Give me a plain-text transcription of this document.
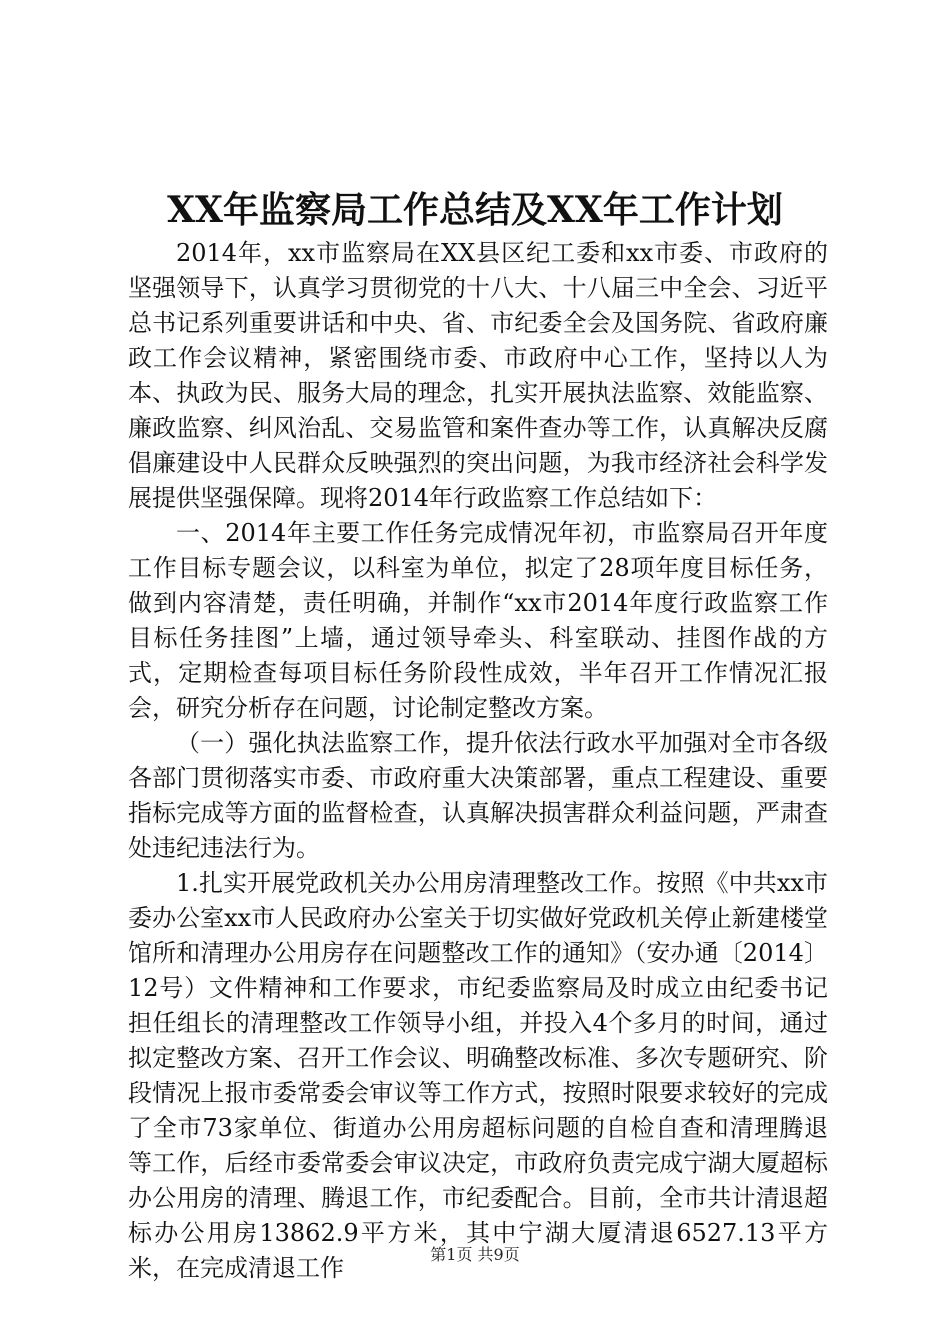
XX年监察局工作总结及XX年工作计划

2014年，xx市监察局在XX县区纪工委和xx市委、市政府的坚强领导下，认真学习贯彻党的十八大、十八届三中全会、习近平总书记系列重要讲话和中央、省、市纪委全会及国务院、省政府廉政工作会议精神，紧密围绕市委、市政府中心工作，坚持以人为本、执政为民、服务大局的理念，扎实开展执法监察、效能监察、廉政监察、纠风治乱、交易监管和案件查办等工作，认真解决反腐倡廉建设中人民群众反映强烈的突出问题，为我市经济社会科学发展提供坚强保障。现将2014年行政监察工作总结如下：

一、2014年主要工作任务完成情况年初，市监察局召开年度工作目标专题会议，以科室为单位，拟定了28项年度目标任务，做到内容清楚，责任明确，并制作“xx市2014年度行政监察工作目标任务挂图”上墙，通过领导牵头、科室联动、挂图作战的方式，定期检查每项目标任务阶段性成效，半年召开工作情况汇报会，研究分析存在问题，讨论制定整改方案。

（一）强化执法监察工作，提升依法行政水平加强对全市各级各部门贯彻落实市委、市政府重大决策部署，重点工程建设、重要指标完成等方面的监督检查，认真解决损害群众利益问题，严肃查处违纪违法行为。

1.扎实开展党政机关办公用房清理整改工作。按照《中共xx市委办公室xx市人民政府办公室关于切实做好党政机关停止新建楼堂馆所和清理办公用房存在问题整改工作的通知》（安办通〔2014〕12号）文件精神和工作要求，市纪委监察局及时成立由纪委书记担任组长的清理整改工作领导小组，并投入4个多月的时间，通过拟定整改方案、召开工作会议、明确整改标准、多次专题研究、阶段情况上报市委常委会审议等工作方式，按照时限要求较好的完成了全市73家单位、街道办公用房超标问题的自检自查和清理腾退等工作，后经市委常委会审议决定，市政府负责完成宁湖大厦超标办公用房的清理、腾退工作，市纪委配合。目前，全市共计清退超标办公用房13862.9平方米，其中宁湖大厦清退6527.13平方米，在完成清退工作	第1页 共9页
